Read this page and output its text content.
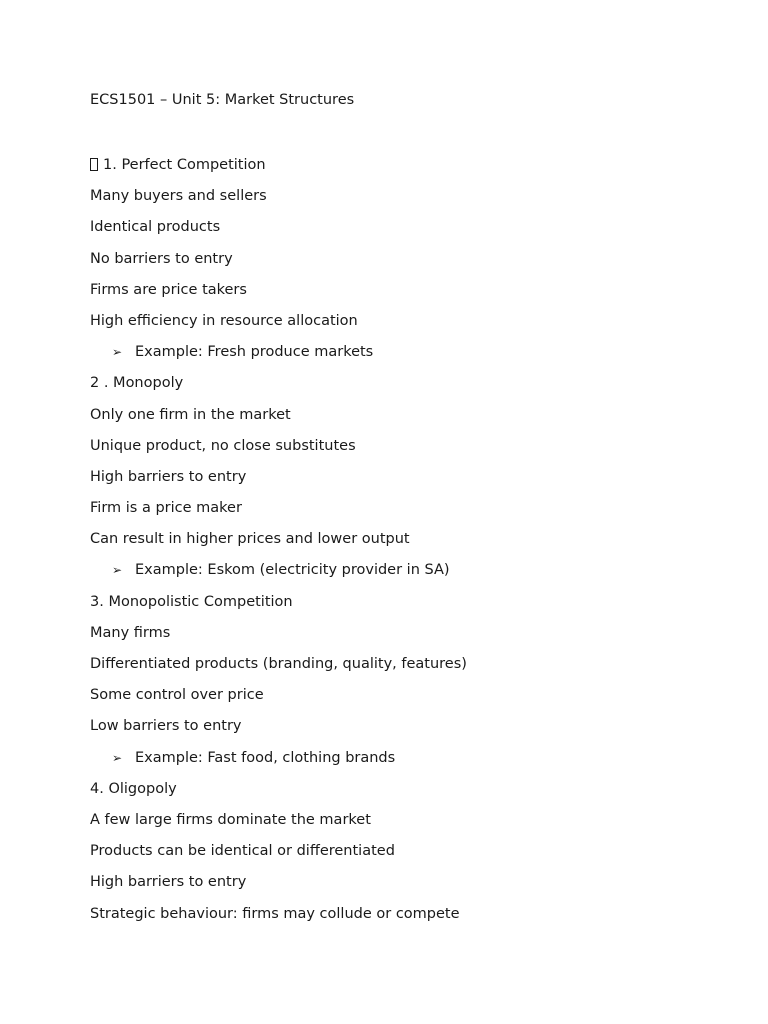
ECS1501 – Unit 5: Market Structures
1. Perfect Competition
Many buyers and sellers
Identical products
No barriers to entry
Firms are price takers
High efficiency in resource allocation
➢ Example: Fresh produce markets
2 . Monopoly
Only one firm in the market
Unique product, no close substitutes
High barriers to entry
Firm is a price maker
Can result in higher prices and lower output
➢ Example: Eskom (electricity provider in SA)
3. Monopolistic Competition
Many firms
Differentiated products (branding, quality, features)
Some control over price
Low barriers to entry
➢ Example: Fast food, clothing brands
4. Oligopoly
A few large firms dominate the market
Products can be identical or differentiated
High barriers to entry
Strategic behaviour: firms may collude or compete
